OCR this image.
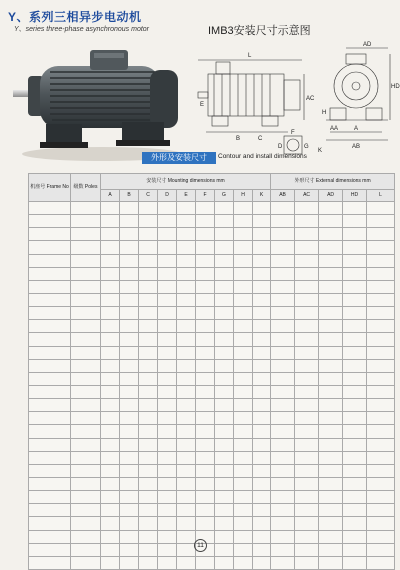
Y、系列三相异步电动机
Y、series three-phase asynchronous motor	IMB3安装尺寸示意图
L
AC
HD
AD
A
AA
AB
B	C
E
F
G
D
K
H
外形及安装尺寸	Contour and install dimensions
机座号 Frame No	级数 Poles	安装尺寸 Mounting dimensions mm									外形尺寸 External dimensions mm				
		A	B	C	D	E	F	G	H	K	AB	AC	AD	HD	L

11
